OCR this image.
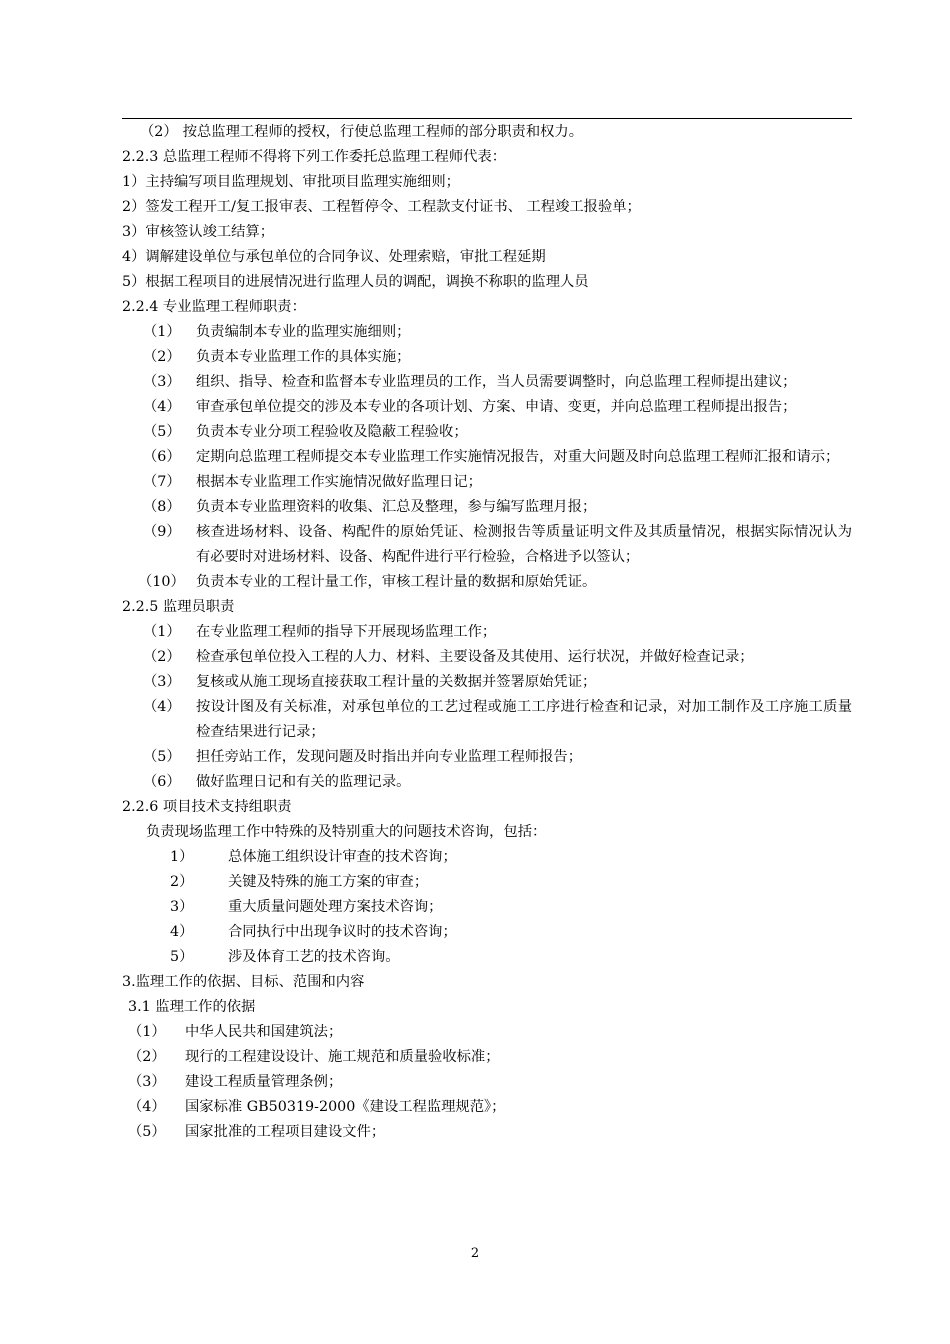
（2） 按总监理工程师的授权，行使总监理工程师的部分职责和权力。
2.2.3 总监理工程师不得将下列工作委托总监理工程师代表：
1）主持编写项目监理规划、审批项目监理实施细则；
2）签发工程开工/复工报审表、工程暂停令、工程款支付证书、 工程竣工报验单；
3）审核签认竣工结算；
4）调解建设单位与承包单位的合同争议、处理索赔，审批工程延期
5）根据工程项目的进展情况进行监理人员的调配，调换不称职的监理人员
2.2.4 专业监理工程师职责：
（1）	负责编制本专业的监理实施细则；
（2）	负责本专业监理工作的具体实施；
（3）	组织、指导、检查和监督本专业监理员的工作，当人员需要调整时，向总监理工程师提出建议；
（4）	审查承包单位提交的涉及本专业的各项计划、方案、申请、变更，并向总监理工程师提出报告；
（5）	负责本专业分项工程验收及隐蔽工程验收；
（6）	定期向总监理工程师提交本专业监理工作实施情况报告，对重大问题及时向总监理工程师汇报和请示；
（7）	根据本专业监理工作实施情况做好监理日记；
（8）	负责本专业监理资料的收集、汇总及整理，参与编写监理月报；
（9）	核查进场材料、设备、构配件的原始凭证、检测报告等质量证明文件及其质量情况，根据实际情况认为有必要时对进场材料、设备、构配件进行平行检验，合格进予以签认；
（10） 负责本专业的工程计量工作，审核工程计量的数据和原始凭证。
2.2.5 监理员职责
（1）	在专业监理工程师的指导下开展现场监理工作；
（2）	检查承包单位投入工程的人力、材料、主要设备及其使用、运行状况，并做好检查记录；
（3）	复核或从施工现场直接获取工程计量的关数据并签署原始凭证；
（4）	按设计图及有关标准，对承包单位的工艺过程或施工工序进行检查和记录，对加工制作及工序施工质量检查结果进行记录；
（5）	担任旁站工作，发现问题及时指出并向专业监理工程师报告；
（6）	做好监理日记和有关的监理记录。
2.2.6 项目技术支持组职责
负责现场监理工作中特殊的及特别重大的问题技术咨询，包括：
1）	总体施工组织设计审查的技术咨询；
2）	关键及特殊的施工方案的审查；
3）	重大质量问题处理方案技术咨询；
4）	合同执行中出现争议时的技术咨询；
5）	涉及体育工艺的技术咨询。
3.监理工作的依据、目标、范围和内容
3.1 监理工作的依据
（1）	中华人民共和国建筑法；
（2）	现行的工程建设设计、施工规范和质量验收标准；
（3）	建设工程质量管理条例；
（4）	国家标准 GB50319-2000《建设工程监理规范》；
（5）	国家批准的工程项目建设文件；
2
